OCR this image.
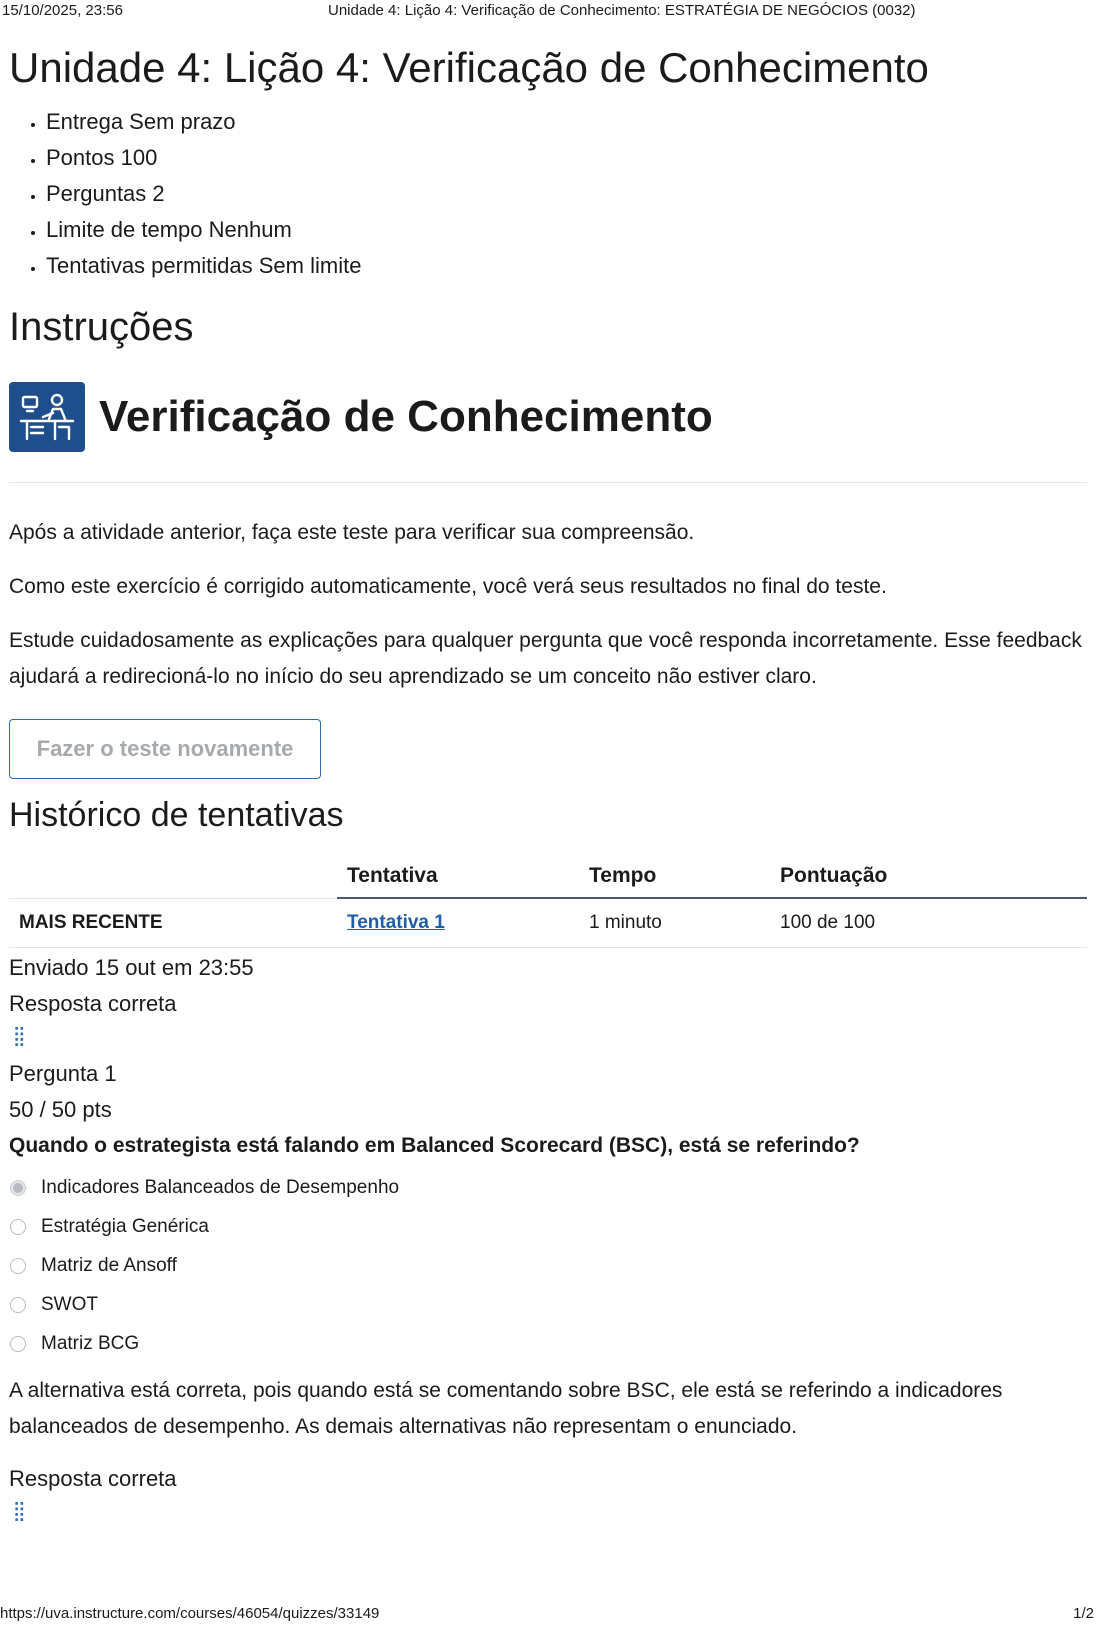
15/10/2025, 23:56	Unidade 4: Lição 4: Verificação de Conhecimento: ESTRATÉGIA DE NEGÓCIOS (0032)
Unidade 4: Lição 4: Verificação de Conhecimento
• Entrega Sem prazo
• Pontos 100
• Perguntas 2
• Limite de tempo Nenhum
• Tentativas permitidas Sem limite
Instruções
Verificação de Conhecimento

Após a atividade anterior, faça este teste para verificar sua compreensão.

Como este exercício é corrigido automaticamente, você verá seus resultados no final do teste.

Estude cuidadosamente as explicações para qualquer pergunta que você responda incorretamente. Esse feedback ajudará a redirecioná-lo no início do seu aprendizado se um conceito não estiver claro.

Fazer o teste novamente
Histórico de tentativas
	Tentativa	Tempo	Pontuação
MAIS RECENTE	Tentativa 1	1 minuto	100 de 100
Enviado 15 out em 23:55
Resposta correta
⁞⁞
Pergunta 1
50 / 50 pts
Quando o estrategista está falando em Balanced Scorecard (BSC), está se referindo?
Indicadores Balanceados de Desempenho
Estratégia Genérica
Matriz de Ansoff
SWOT
Matriz BCG

A alternativa está correta, pois quando está se comentando sobre BSC, ele está se referindo a indicadores balanceados de desempenho. As demais alternativas não representam o enunciado.

Resposta correta
⁞⁞
https://uva.instructure.com/courses/46054/quizzes/33149	1/2
